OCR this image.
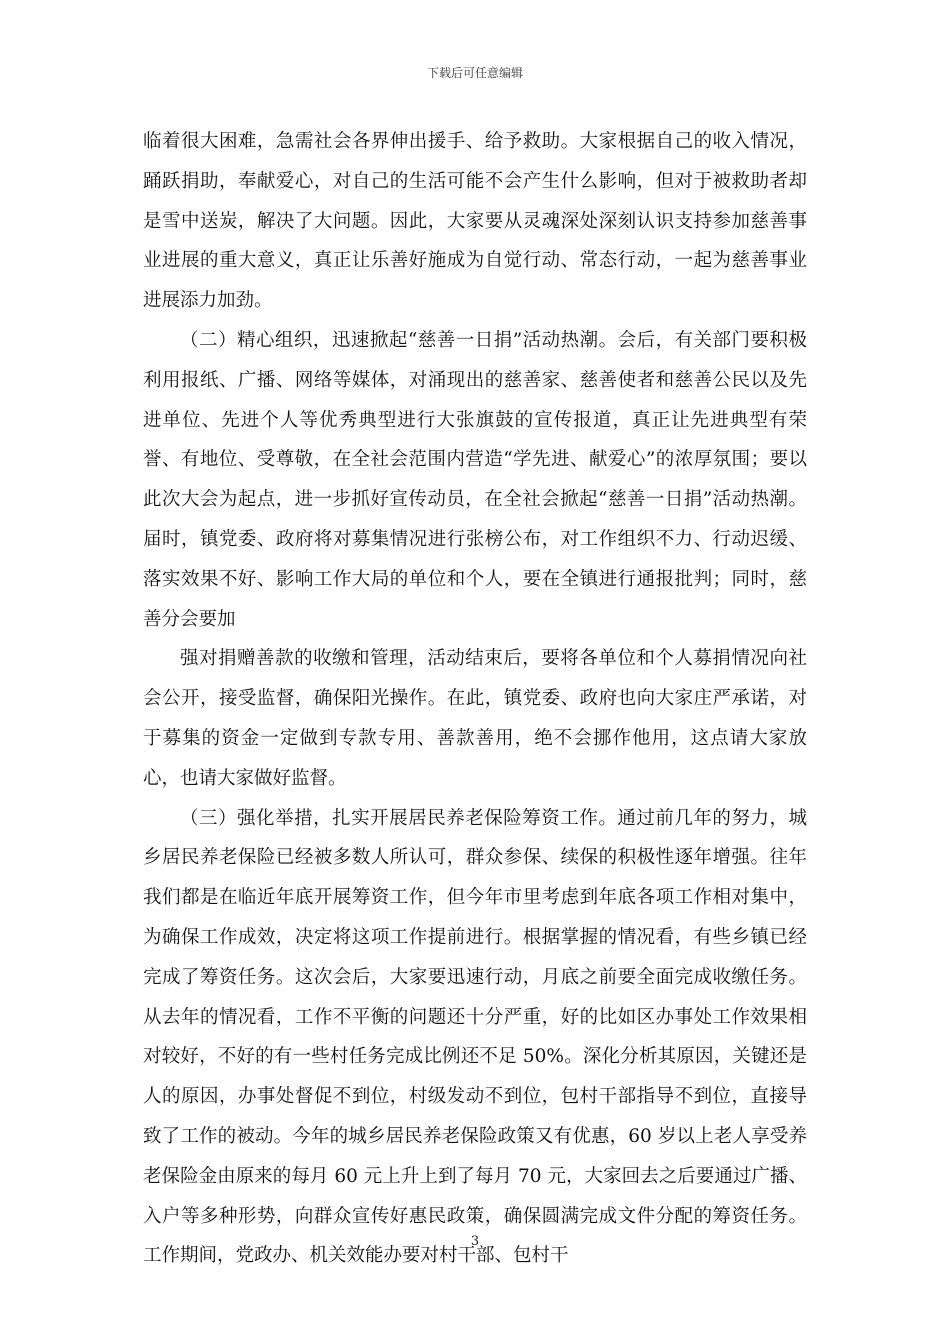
下载后可任意编辑

临着很大困难，急需社会各界伸出援手、给予救助。大家根据自己的收入情况，踊跃捐助，奉献爱心，对自己的生活可能不会产生什么影响，但对于被救助者却是雪中送炭，解决了大问题。因此，大家要从灵魂深处深刻认识支持参加慈善事业进展的重大意义，真正让乐善好施成为自觉行动、常态行动，一起为慈善事业进展添力加劲。

（二）精心组织，迅速掀起“慈善一日捐”活动热潮。会后，有关部门要积极利用报纸、广播、网络等媒体，对涌现出的慈善家、慈善使者和慈善公民以及先进单位、先进个人等优秀典型进行大张旗鼓的宣传报道，真正让先进典型有荣誉、有地位、受尊敬，在全社会范围内营造“学先进、献爱心”的浓厚氛围；要以此次大会为起点，进一步抓好宣传动员，在全社会掀起“慈善一日捐”活动热潮。届时，镇党委、政府将对募集情况进行张榜公布，对工作组织不力、行动迟缓、落实效果不好、影响工作大局的单位和个人，要在全镇进行通报批判；同时，慈善分会要加

强对捐赠善款的收缴和管理，活动结束后，要将各单位和个人募捐情况向社会公开，接受监督，确保阳光操作。在此，镇党委、政府也向大家庄严承诺，对于募集的资金一定做到专款专用、善款善用，绝不会挪作他用，这点请大家放心，也请大家做好监督。

（三）强化举措，扎实开展居民养老保险筹资工作。通过前几年的努力，城乡居民养老保险已经被多数人所认可，群众参保、续保的积极性逐年增强。往年我们都是在临近年底开展筹资工作，但今年市里考虑到年底各项工作相对集中，为确保工作成效，决定将这项工作提前进行。根据掌握的情况看，有些乡镇已经完成了筹资任务。这次会后，大家要迅速行动，月底之前要全面完成收缴任务。从去年的情况看，工作不平衡的问题还十分严重，好的比如区办事处工作效果相对较好，不好的有一些村任务完成比例还不足 50%。深化分析其原因，关键还是人的原因，办事处督促不到位，村级发动不到位，包村干部指导不到位，直接导致了工作的被动。今年的城乡居民养老保险政策又有优惠，60 岁以上老人享受养老保险金由原来的每月 60 元上升上到了每月 70 元，大家回去之后要通过广播、入户等多种形势，向群众宣传好惠民政策，确保圆满完成文件分配的筹资任务。工作期间，党政办、机关效能办要对村干部、包村干

3
